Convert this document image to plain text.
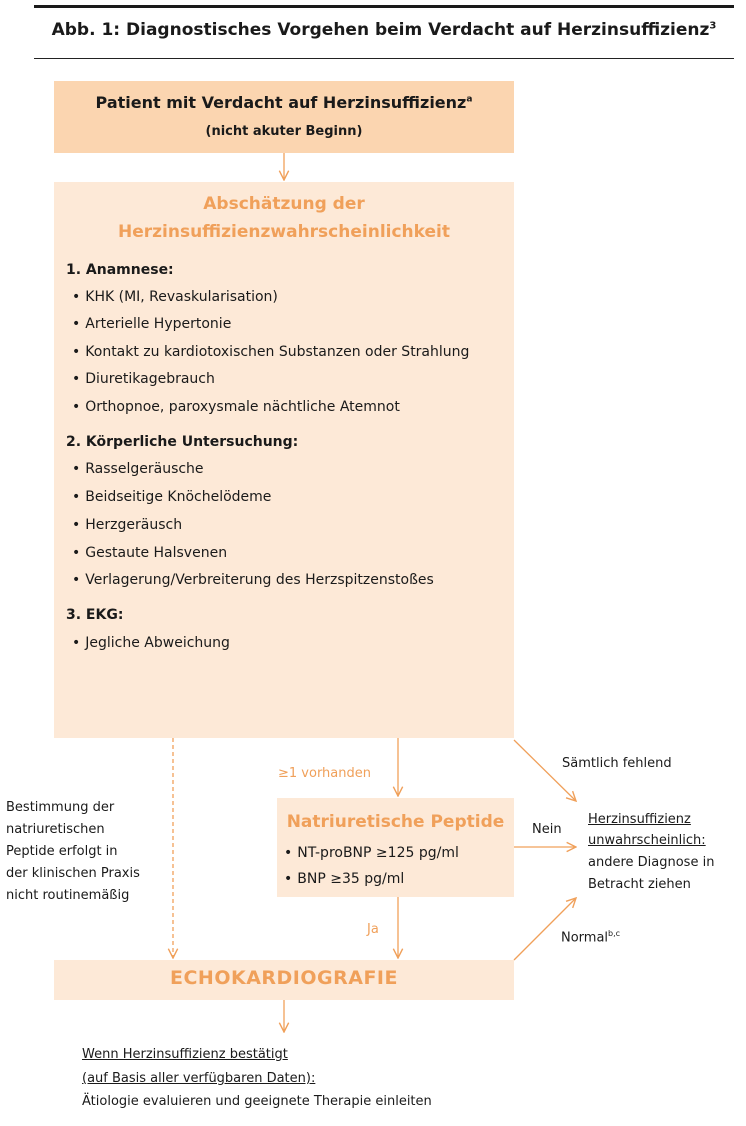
Abb. 1: Diagnostisches Vorgehen beim Verdacht auf Herzinsuffizienz$^3$
Patient mit Verdacht auf Herzinsuffizienz$^a$
(nicht akuter Beginn)
Abschätzung der
Herzinsuffizienzwahrscheinlichkeit
1. Anamnese:
• KHK (MI, Revaskularisation)
• Arterielle Hypertonie
• Kontakt zu kardiotoxischen Substanzen oder Strahlung
• Diuretikagebrauch
• Orthopnoe, paroxysmale nächtliche Atemnot
2. Körperliche Untersuchung:
• Rasselgeräusche
• Beidseitige Knöchelödeme
• Herzgeräusch
• Gestaute Halsvenen
• Verlagerung/Verbreiterung des Herzspitzenstoßes
3. EKG:
• Jegliche Abweichung
≥1 vorhanden
Sämtlich fehlend
Nein
Ja
Normal$^{b,c}$
Bestimmung der
natriuretischen
Peptide erfolgt in
der klinischen Praxis
nicht routinemäßig
Natriuretische Peptide
• NT-proBNP ≥125 pg/ml
• BNP ≥35 pg/ml
Herzinsuffizienz
unwahrscheinlich:
andere Diagnose in
Betracht ziehen
ECHOKARDIOGRAFIE
Wenn Herzinsuffizienz bestätigt
(auf Basis aller verfügbaren Daten):
Ätiologie evaluieren und geeignete Therapie einleiten
